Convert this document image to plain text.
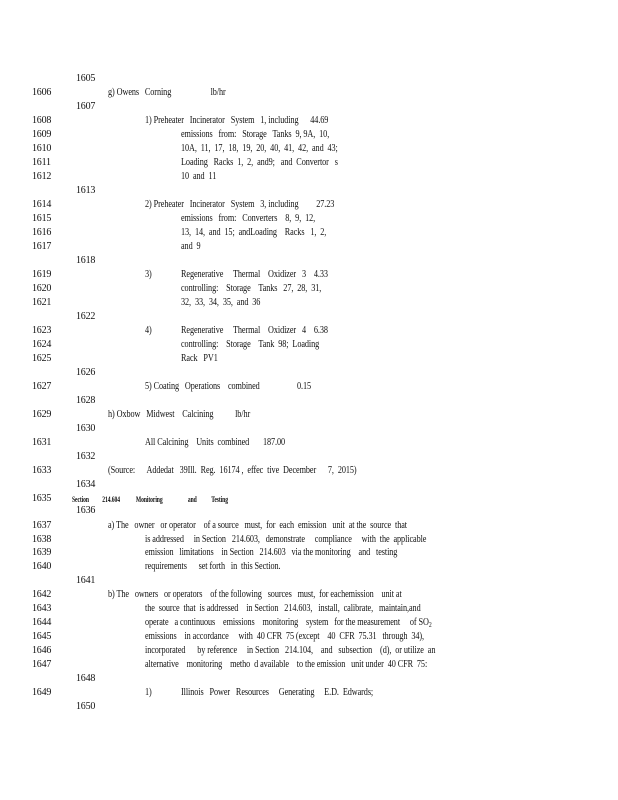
1605
1606	g) Owens   Corning                    lb/hr
1607
1608	1) Preheater   Incinerator   System   1, including      44.69
1609	emissions   from:   Storage   Tanks  9, 9A,  10,
1610	10A,  11,  17,  18,  19,  20,  40,  41,  42,  and  43;
1611	Loading   Racks  1,  2,  and9;   and  Convertor   s
1612	10  and  11
1613
1614	2) Preheater   Incinerator   System   3, including         27.23
1615	emissions   from:   Converters    8,  9,  12,
1616	13,  14,  and  15;  andLoading    Racks   1,  2,
1617	and  9
1618
1619	3)	Regenerative     Thermal    Oxidizer   3    4.33
1620	controlling:    Storage    Tanks   27,  28,  31,
1621	32,  33,  34,  35,  and  36
1622
1623	4)	Regenerative     Thermal    Oxidizer   4    6.38
1624	controlling:    Storage    Tank  98;  Loading
1625	Rack   PV1
1626
1627	5) Coating   Operations    combined                   0.15
1628
1629	h) Oxbow   Midwest    Calcining           lb/hr
1630
1631	All Calcining    Units  combined       187.00
1632
1633	(Source:      Addedat   39Ill.  Reg.  16174 ,  effec  tive  December      7,  2015)
1634
1635	Section          214.604            Monitoring                   and           Testing
1636
1637	a) The   owner   or operator    of a source   must,  for  each  emission   unit  at the  source  that
1638	is addressed     in Section   214.603,   demonstrate     compliance     with  the  applicable
1639	emission   limitations    in Section   214.603   via the monitoring    and   testing
1640	requirements      set forth   in  this Section.
1641
1642	b) The   owners   or operators    of the following   sources   must,  for eachemission    unit at
1643	the  source  that  is addressed    in Section   214.603,   install,  calibrate,   maintain,and
1644	operate   a continuous    emissions    monitoring    system   for the measurement     of $SO_2$
1645	emissions    in accordance     with  40 CFR  75 (except    40  CFR  75.31   through  34),
1646	incorporated      by reference     in Section   214.104,    and   subsection    (d),  or utilize  an
1647	alternative    monitoring    metho  d available    to the emission   unit under  40 CFR  75:
1648
1649	1)	Illinois   Power   Resources     Generating     E.D.  Edwards;
1650
